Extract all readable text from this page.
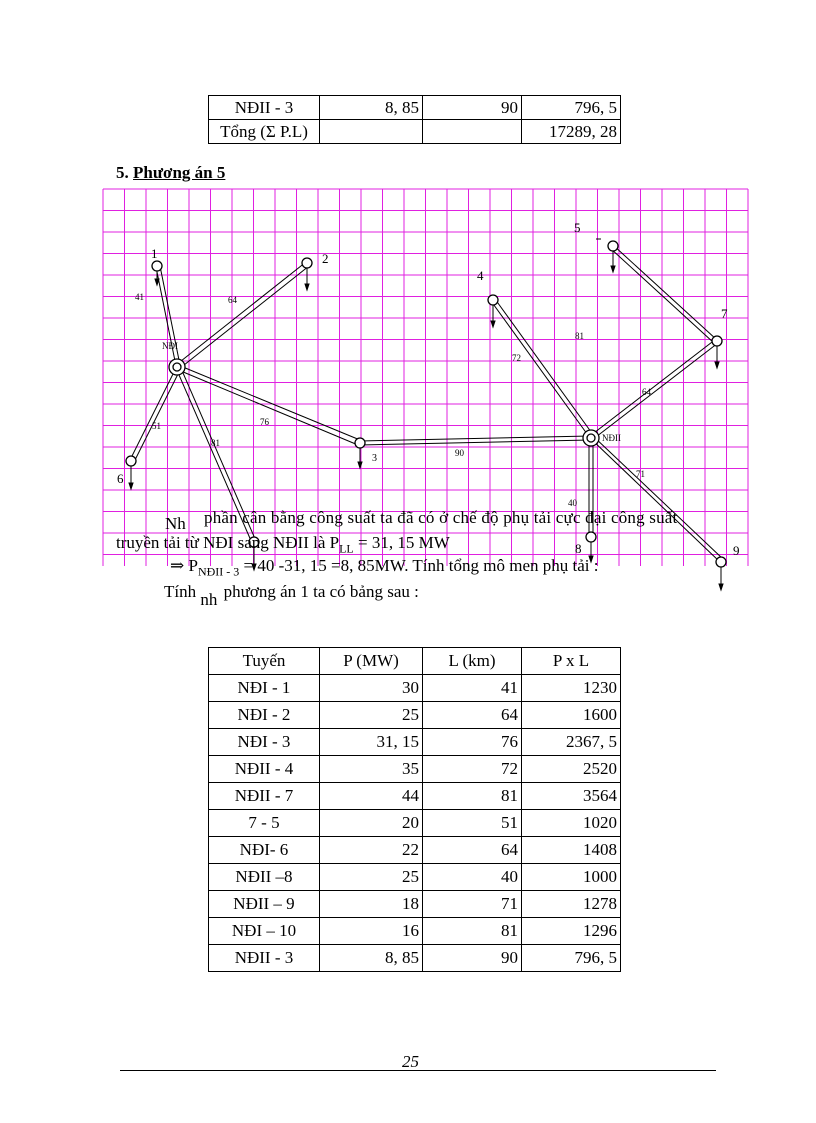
NĐII - 3	8, 85	90	796, 5
Tổng (Σ P.L)			17289, 28
5. Phương án 5
1	2
3
4
5
6
7
8	9
NĐI
NĐII
41	64
51
81
76
90
72
81
64
40
71
Nh phần cân bằng công suất ta đã có ở chế độ phụ tải cực đại công suất
truyền tải từ NĐI sang NĐII là $P_{LL} = 31$, 15 MW
⇒ $P_{NĐII - 3} = 40$ -31, 15 =8, 85MW. Tính tổng mô men phụ tải :
Tính $_{nh}$ phương án 1 ta có bảng sau :
Tuyến	P (MW)	L (km)	P x L
NĐI - 1	30	41	1230
NĐI - 2	25	64	1600
NĐI - 3	31, 15	76	2367, 5
NĐII - 4	35	72	2520
NĐII - 7	44	81	3564
7 - 5	20	51	1020
NĐI- 6	22	64	1408
NĐII –8	25	40	1000
NĐII – 9	18	71	1278
NĐI – 10	16	81	1296
NĐII - 3	8, 85	90	796, 5
25
